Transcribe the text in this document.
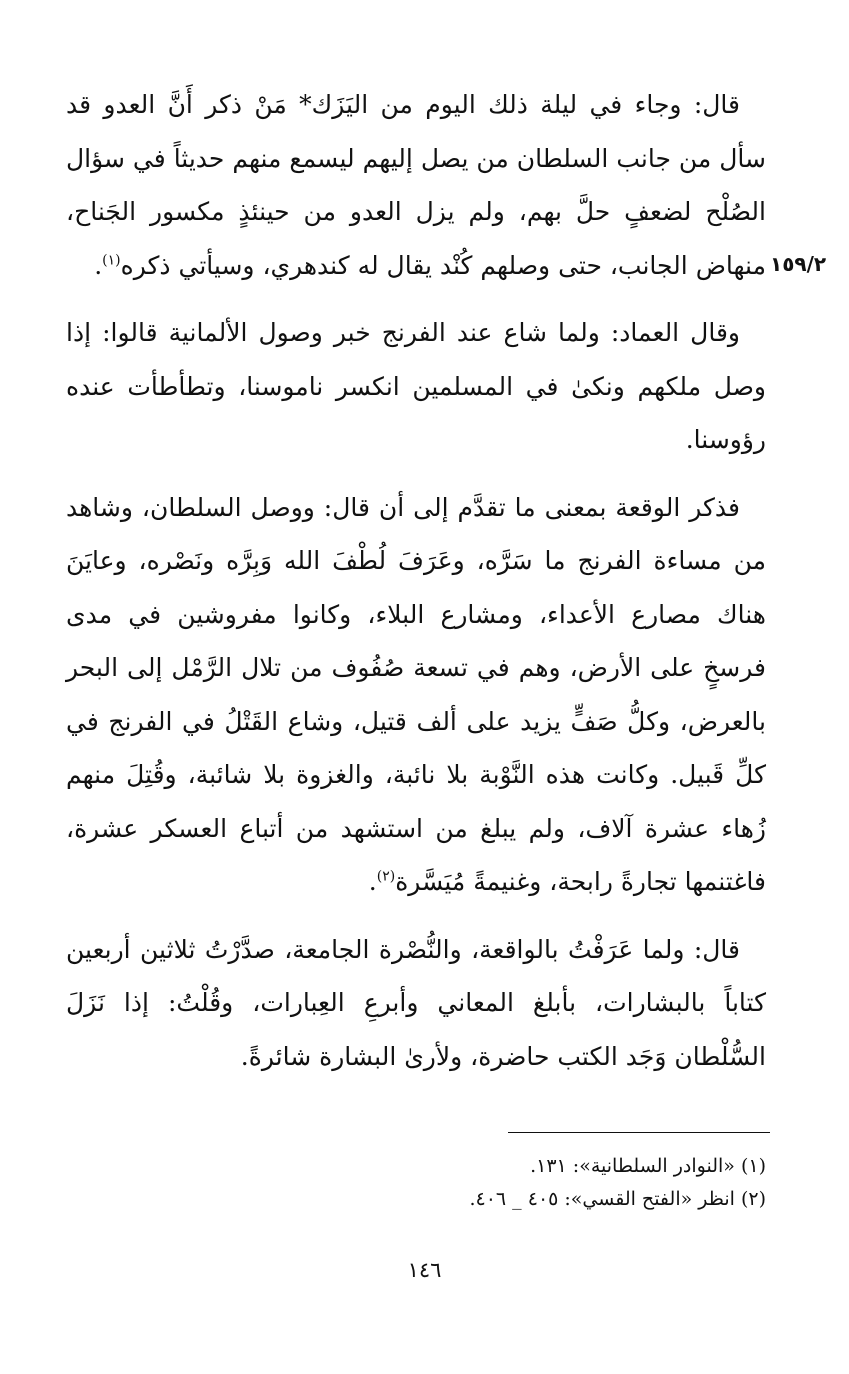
١٥٩/٢

قال: وجاء في ليلة ذلك اليوم من اليَزَك* مَنْ ذكر أَنَّ العدو قد سأل من جانب السلطان من يصل إليهم ليسمع منهم حديثاً في سؤال الصُلْح لضعفٍ حلَّ بهم، ولم يزل العدو من حينئذٍ مكسور الجَناح، منهاض الجانب، حتى وصلهم كُنْد يقال له كندهري، وسيأتي ذكره$^{(١)}$.

وقال العماد: ولما شاع عند الفرنج خبر وصول الألمانية قالوا: إذا وصل ملكهم ونكىٰ في المسلمين انكسر ناموسنا، وتطأطأت عنده رؤوسنا.

فذكر الوقعة بمعنى ما تقدَّم إلى أن قال: ووصل السلطان، وشاهد من مساءة الفرنج ما سَرَّه، وعَرَفَ لُطْفَ الله وَبِرَّه ونَصْره، وعايَنَ هناك مصارع الأعداء، ومشارع البلاء، وكانوا مفروشين في مدى فرسخٍ على الأرض، وهم في تسعة صُفُوف من تلال الرَّمْل إلى البحر بالعرض، وكلُّ صَفٍّ يزيد على ألف قتيل، وشاع القَتْلُ في الفرنج في كلِّ قَبيل. وكانت هذه النَّوْبة بلا نائبة، والغزوة بلا شائبة، وقُتِلَ منهم زُهاء عشرة آلاف، ولم يبلغ من استشهد من أتباع العسكر عشرة، فاغتنمها تجارةً رابحة، وغنيمةً مُيَسَّرة$^{(٢)}$.

قال: ولما عَرَفْتُ بالواقعة، والنُّصْرة الجامعة، صدَّرْتُ ثلاثين أربعين كتاباً بالبشارات، بأبلغ المعاني وأبرعِ العِبارات، وقُلْتُ: إذا نَزَلَ السُّلْطان وَجَد الكتب حاضرة، ولأرىٰ البشارة شائرةً.

(١) «النوادر السلطانية»: ١٣١.

(٢) انظر «الفتح القسي»: ٤٠٥ _ ٤٠٦.

١٤٦
